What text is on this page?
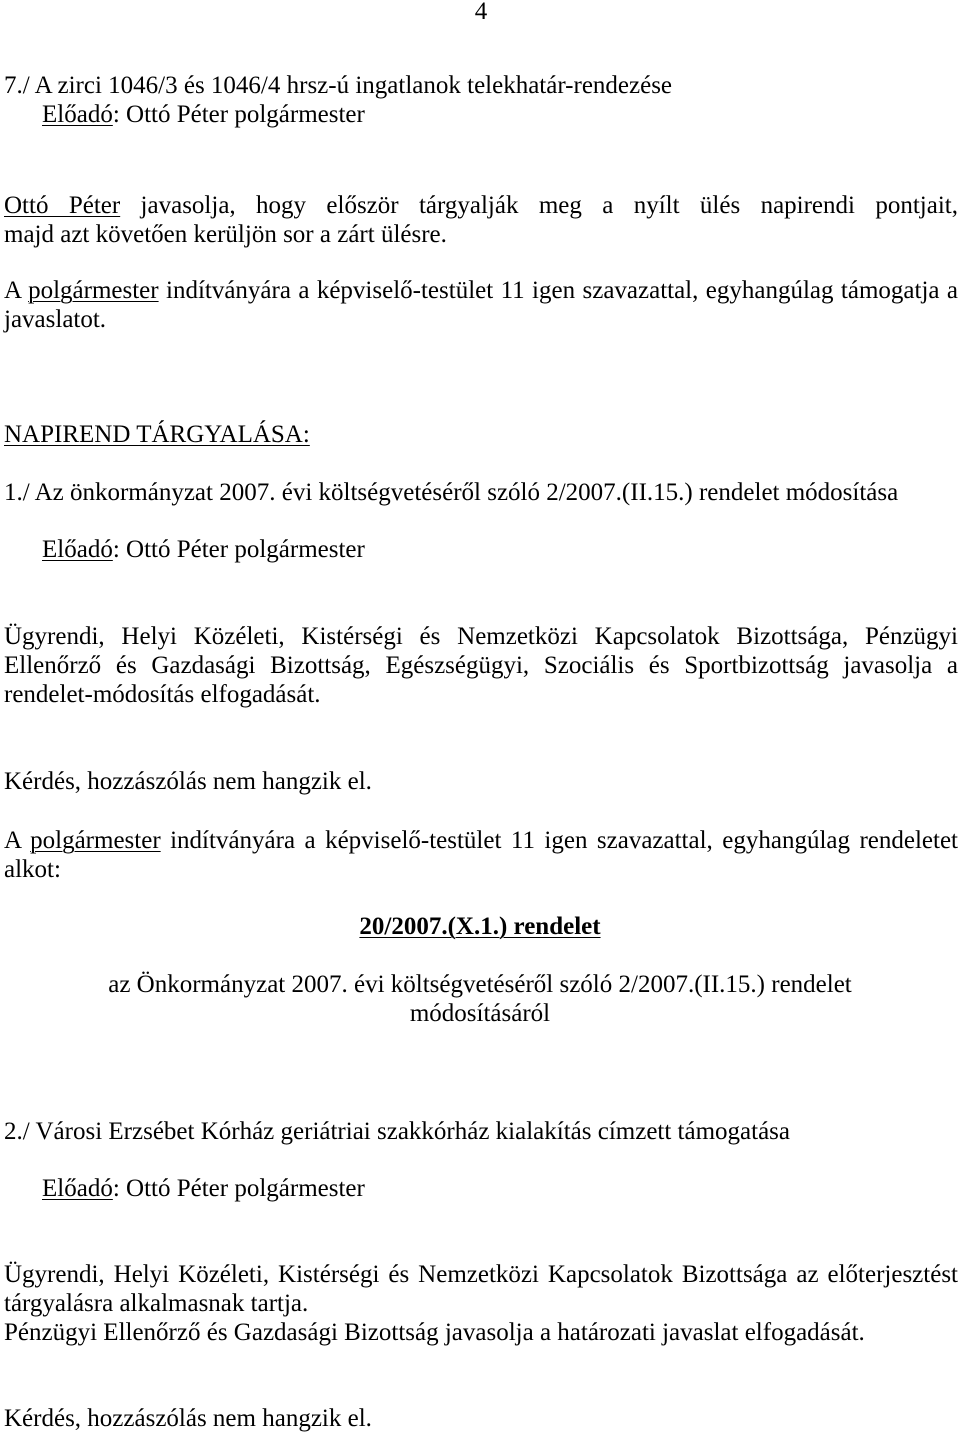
4
7./ A zirci 1046/3 és 1046/4 hrsz-ú ingatlanok telekhatár-rendezése
Előadó: Ottó Péter polgármester
Ottó Péter javasolja, hogy először tárgyalják meg a nyílt ülés napirendi pontjait,
majd azt követően kerüljön sor a zárt ülésre.
A polgármester indítványára a képviselő-testület 11 igen szavazattal, egyhangúlag támogatja a
javaslatot.
NAPIREND TÁRGYALÁSA:
1./ Az önkormányzat 2007. évi költségvetéséről szóló 2/2007.(II.15.) rendelet módosítása
Előadó: Ottó Péter polgármester
Ügyrendi, Helyi Közéleti, Kistérségi és Nemzetközi Kapcsolatok Bizottsága, Pénzügyi
Ellenőrző és Gazdasági Bizottság, Egészségügyi, Szociális és Sportbizottság javasolja a
rendelet-módosítás elfogadását.
Kérdés, hozzászólás nem hangzik el.
A polgármester indítványára a képviselő-testület 11 igen szavazattal, egyhangúlag rendeletet
alkot:
20/2007.(X.1.) rendelet
az Önkormányzat 2007. évi költségvetéséről szóló 2/2007.(II.15.) rendelet
módosításáról
2./ Városi Erzsébet Kórház geriátriai szakkórház kialakítás címzett támogatása
Előadó: Ottó Péter polgármester
Ügyrendi, Helyi Közéleti, Kistérségi és Nemzetközi Kapcsolatok Bizottsága az előterjesztést
tárgyalásra alkalmasnak tartja.
Pénzügyi Ellenőrző és Gazdasági Bizottság javasolja a határozati javaslat elfogadását.
Kérdés, hozzászólás nem hangzik el.
